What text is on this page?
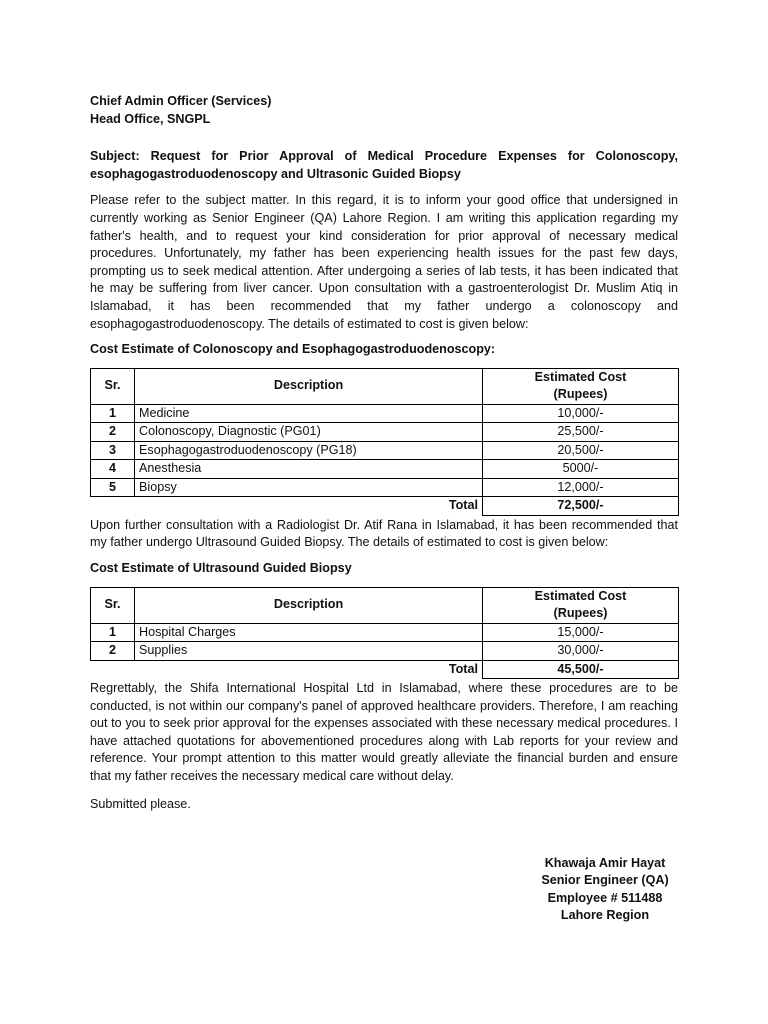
Chief Admin Officer (Services)

Head Office, SNGPL

Subject: Request for Prior Approval of Medical Procedure Expenses for Colonoscopy,

esophagogastroduodenoscopy and Ultrasonic Guided Biopsy

Please refer to the subject matter. In this regard, it is to inform your good office that undersigned in currently working as Senior Engineer (QA) Lahore Region. I am writing this application regarding my father's health, and to request your kind consideration for prior approval of necessary medical procedures. Unfortunately, my father has been experiencing health issues for the past few days, prompting us to seek medical attention. After undergoing a series of lab tests, it has been indicated that he may be suffering from liver cancer. Upon consultation with a gastroenterologist Dr. Muslim Atiq in Islamabad, it has been recommended that my father undergo a colonoscopy and esophagogastroduodenoscopy. The details of estimated to cost is given below:

Cost Estimate of Colonoscopy and Esophagogastroduodenoscopy:

Sr.	Description	Estimated Cost
(Rupees)
1	Medicine	10,000/-
2	Colonoscopy, Diagnostic (PG01)	25,500/-
3	Esophagogastroduodenoscopy (PG18)	20,500/-
4	Anesthesia	5000/-
5	Biopsy	12,000/-
	Total	72,500/-

Upon further consultation with a Radiologist Dr. Atif Rana in Islamabad, it has been recommended that my father undergo Ultrasound Guided Biopsy. The details of estimated to cost is given below:

Cost Estimate of Ultrasound Guided Biopsy

Sr.	Description	Estimated Cost
(Rupees)
1	Hospital Charges	15,000/-
2	Supplies	30,000/-
	Total	45,500/-

Regrettably, the Shifa International Hospital Ltd in Islamabad, where these procedures are to be conducted, is not within our company's panel of approved healthcare providers. Therefore, I am reaching out to you to seek prior approval for the expenses associated with these necessary medical procedures. I have attached quotations for abovementioned procedures along with Lab reports for your review and reference. Your prompt attention to this matter would greatly alleviate the financial burden and ensure that my father receives the necessary medical care without delay.

Submitted please.

Khawaja Amir Hayat
Senior Engineer (QA)
Employee # 511488
Lahore Region
